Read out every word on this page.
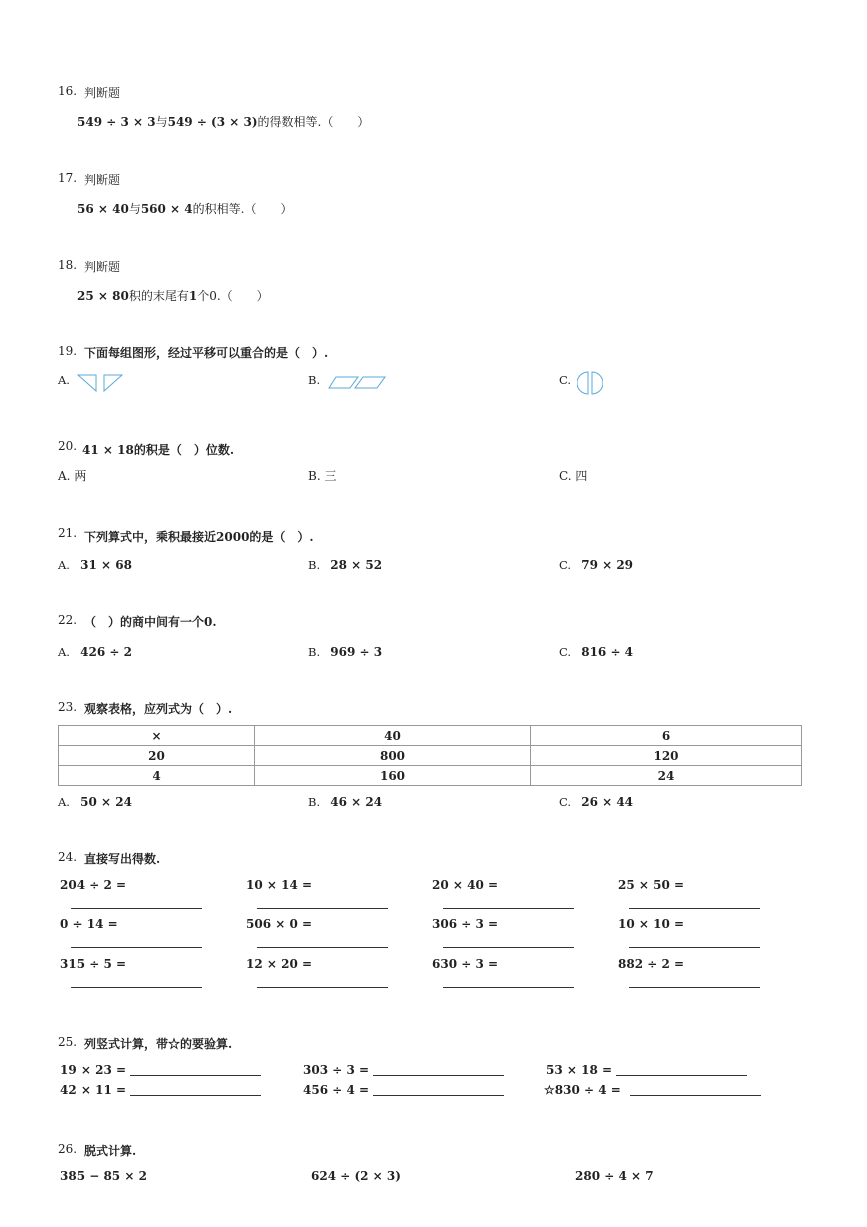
16. 判断题
549 ÷ 3 × 3与549 ÷ (3 × 3)的得数相等.（　　）
17. 判断题
56 × 40与560 × 4的积相等.（　　）
18. 判断题
25 × 80积的末尾有1个0.（　　）
19. 下面每组图形，经过平移可以重合的是（　）.
A.	B.	C.
20. 41 × 18的积是（　）位数.
A. 两	B. 三	C. 四
21. 下列算式中，乘积最接近2000的是（　）.
A. 31 × 68	B. 28 × 52	C. 79 × 29
22. （　）的商中间有一个0.
A. 426 ÷ 2	B. 969 ÷ 3	C. 816 ÷ 4
23. 观察表格，应列式为（　）.
×	40	6
20	800	120
4	160	24
A. 50 × 24	B. 46 × 24	C. 26 × 44
24. 直接写出得数.
204 ÷ 2 =	10 × 14 =	20 × 40 =	25 × 50 =
0 ÷ 14 =	506 × 0 =	306 ÷ 3 =	10 × 10 =
315 ÷ 5 =	12 × 20 =	630 ÷ 3 =	882 ÷ 2 =
25. 列竖式计算，带☆的要验算.
19 × 23 =	303 ÷ 3 =	53 × 18 =
42 × 11 =	456 ÷ 4 =	☆830 ÷ 4 =
26. 脱式计算.
385 − 85 × 2	624 ÷ (2 × 3)	280 ÷ 4 × 7
